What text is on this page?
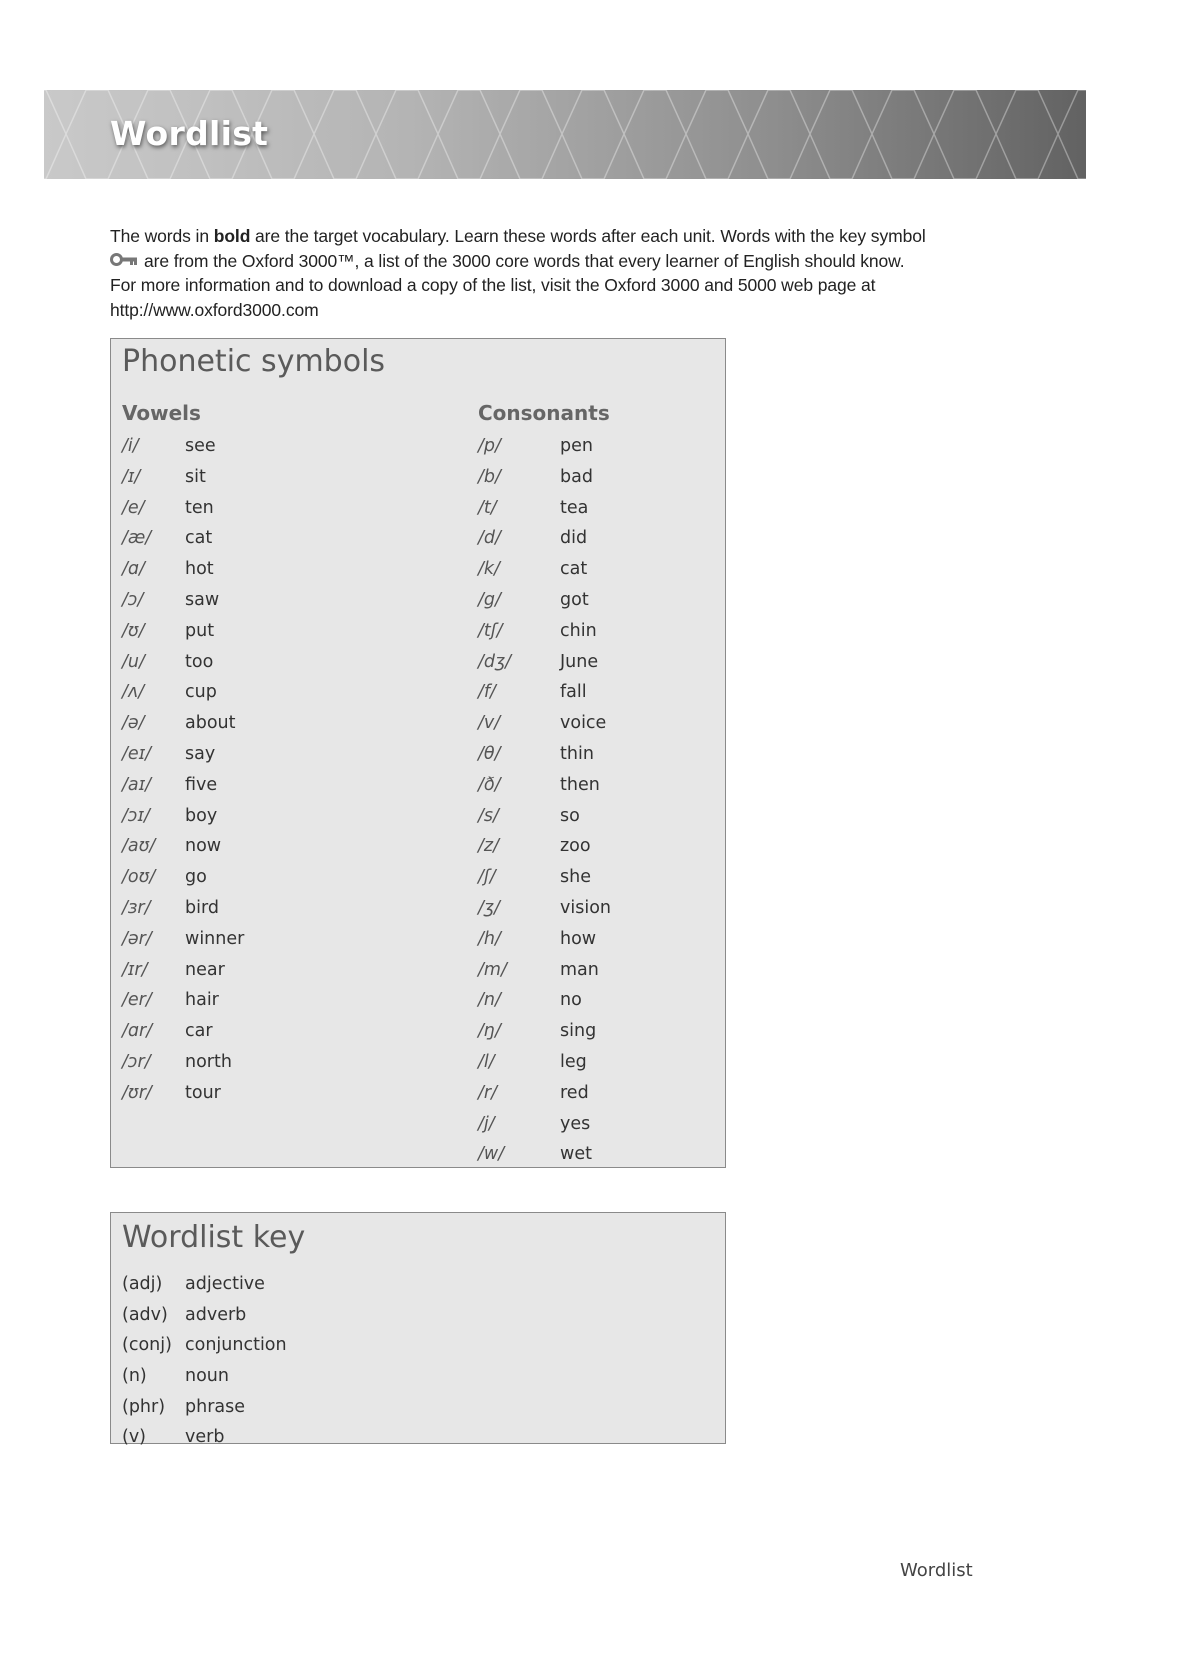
Wordlist

The words in bold are the target vocabulary. Learn these words after each unit. Words with the key symbol
are from the Oxford 3000™, a list of the 3000 core words that every learner of English should know.

For more information and to download a copy of the list, visit the Oxford 3000 and 5000 web page at

http://www.oxford3000.com

Phonetic symbols
Vowels	Consonants
/i/	see
/ɪ/	sit
/e/ ten
/æ/ cat
/ɑ/ hot
/ɔ/ saw
/ʊ/ put
/u/ too
/ʌ/ cup
/ə/ about
/eɪ/ say
/aɪ/ five
/ɔɪ/ boy
/aʊ/ now
/oʊ/ go
/ɜr/ bird
/ər/ winner
/ɪr/ near
/er/ hair
/ɑr/ car
/ɔr/ north
/ʊr/ tour
/p/	pen
/b/	bad
/t/	tea
/d/	did
/k/	cat
/g/	got
/tʃ/	chin
/dʒ/	June
/f/	fall
/v/	voice
/θ/	thin
/ð/	then
/s/	so
/z/	zoo
/ʃ/	she
/ʒ/	vision
/h/	how
/m/	man
/n/	no
/ŋ/	sing
/l/	leg
/r/	red
/j/	yes
/w/	wet
Wordlist key
(adj) adjective
(adv) adverb
(conj) conjunction
(n) noun
(phr) phrase
(v) verb

Wordlist
